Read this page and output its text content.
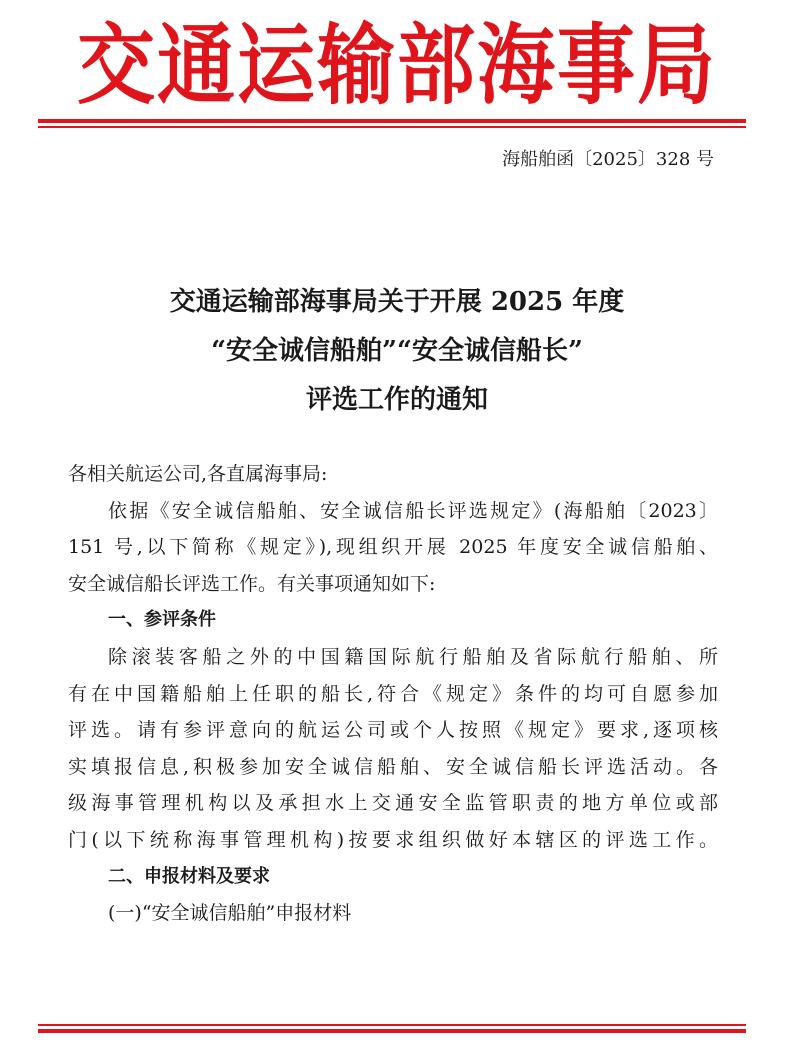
交通运输部海事局
海船舶函〔2025〕328 号
交通运输部海事局关于开展 2025 年度
“安全诚信船舶”“安全诚信船长”
评选工作的通知
各相关航运公司,各直属海事局:
依据《安全诚信船舶、安全诚信船长评选规定》(海船舶〔2023〕
151 号,以下简称《规定》),现组织开展 2025 年度安全诚信船舶、
安全诚信船长评选工作。有关事项通知如下:
一、参评条件
除滚装客船之外的中国籍国际航行船舶及省际航行船舶、所
有在中国籍船舶上任职的船长,符合《规定》条件的均可自愿参加
评选。请有参评意向的航运公司或个人按照《规定》要求,逐项核
实填报信息,积极参加安全诚信船舶、安全诚信船长评选活动。各
级海事管理机构以及承担水上交通安全监管职责的地方单位或部
门(以下统称海事管理机构)按要求组织做好本辖区的评选工作。
二、申报材料及要求
(一)“安全诚信船舶”申报材料
